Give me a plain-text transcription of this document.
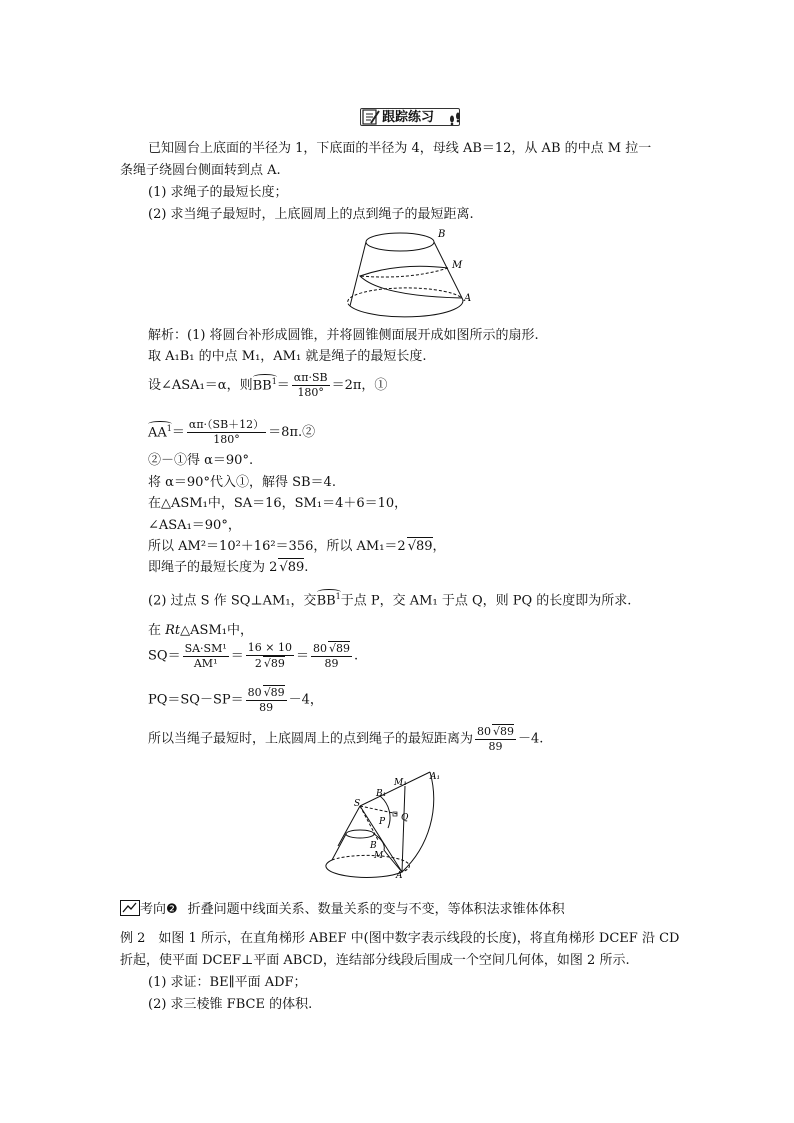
跟踪练习
已知圆台上底面的半径为 1，下底面的半径为 4，母线 AB＝12，从 AB 的中点 M 拉一
条绳子绕圆台侧面转到点 A.
(1) 求绳子的最短长度；
(2) 求当绳子最短时，上底圆周上的点到绳子的最短距离.
B
M
A
解析：(1) 将圆台补形成圆锥，并将圆锥侧面展开成如图所示的扇形.
取 A₁B₁ 的中点 M₁，AM₁ 就是绳子的最短长度.
设∠ASA₁＝α，则$BB^1= \frac{\alpha\pi\cdot SB}{180^\circ} =2\pi$，①
$AA^1= \frac{\alpha\pi\cdot(SB+12)}{180^\circ}$ ＝8π.②
②－①得 α＝90°.
将 α＝90°代入①，解得 SB＝4.
在△ASM₁中，SA＝16，SM₁＝4＋6＝10，
∠ASA₁＝90°，
所以 AM²＝10²＋16²＝356，所以 AM₁＝2 √89，
即绳子的最短长度为 2 √89.
(2) 过点 S 作 SQ⊥AM₁，交$BB^1$于点 P，交 AM₁ 于点 Q，则 PQ 的长度即为所求.
在 Rt△ASM₁中，
$SQ= \frac{\text{SA·SM¹}}{\text{AM¹}} = \frac{16 \times 10}{2 √89} = \frac{80 √89}{89}$ .
$PQ=SQ-SP= \frac{80 √89}{89} -4$，
所以当绳子最短时，上底圆周上的点到绳子的最短距离为 $\frac{80 √89}{89} -4$.
A₁
M₁
B₁
S
P Q
B
M
A
考向❷ 折叠问题中线面关系、数量关系的变与不变，等体积法求锥体体积
例 2　如图 1 所示，在直角梯形 ABEF 中(图中数字表示线段的长度)，将直角梯形 DCEF 沿 CD
折起，使平面 DCEF⊥平面 ABCD，连结部分线段后围成一个空间几何体，如图 2 所示.
(1) 求证：BE∥平面 ADF；
(2) 求三棱锥 FBCE 的体积.
